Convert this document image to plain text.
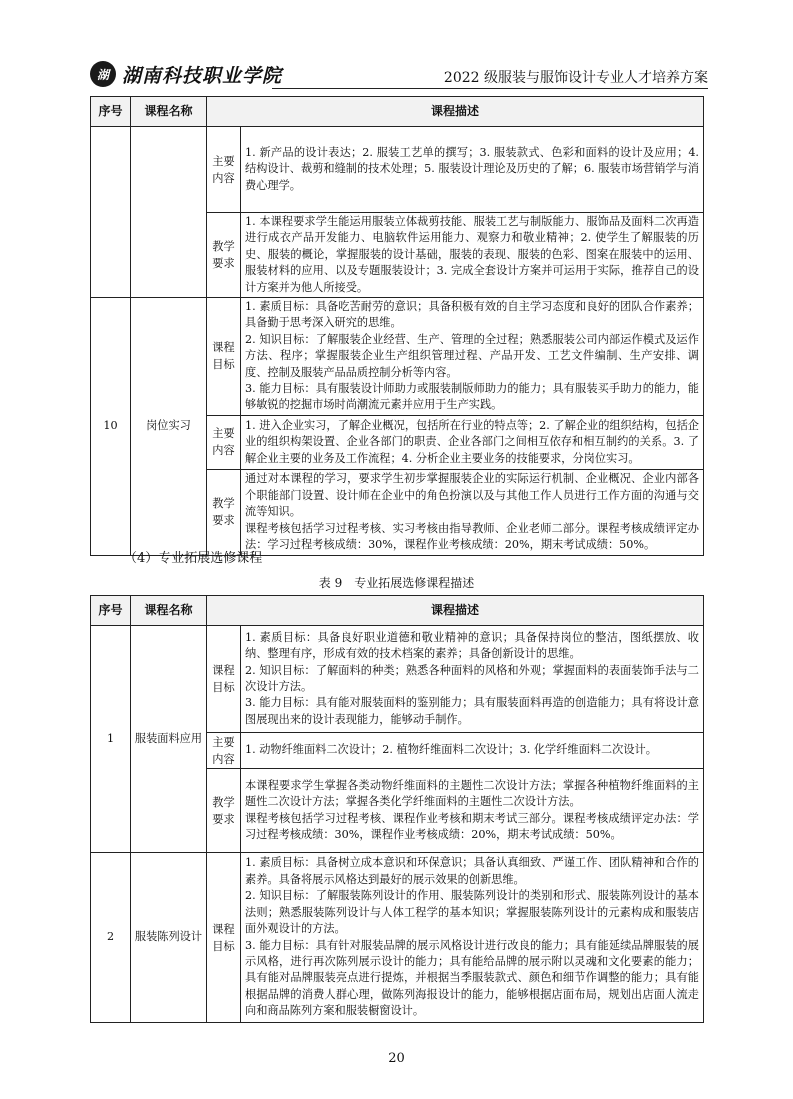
湖 湖南科技职业学院	2022 级服装与服饰设计专业人才培养方案
序号	课程名称	课程描述	
		主要内容	1. 新产品的设计表达；2. 服装工艺单的撰写；3. 服装款式、色彩和面料的设计及应用；4. 结构设计、裁剪和缝制的技术处理；5. 服装设计理论及历史的了解；6. 服装市场营销学与消费心理学。

		教学要求	1. 本课程要求学生能运用服装立体裁剪技能、服装工艺与制版能力、服饰品及面料二次再造进行成衣产品开发能力、电脑软件运用能力、观察力和敬业精神；2. 使学生了解服装的历史、服装的概论，掌握服装的设计基础，服装的表现、服装的色彩、图案在服装中的运用、服装材料的应用、以及专题服装设计；3. 完成全套设计方案并可运用于实际，推荐自己的设计方案并为他人所接受。

10	岗位实习	课程目标	1. 素质目标：具备吃苦耐劳的意识；具备积极有效的自主学习态度和良好的团队合作素养；具备勤于思考深入研究的思维。

2. 知识目标：了解服装企业经营、生产、管理的全过程；熟悉服装公司内部运作模式及运作方法、程序；掌握服装企业生产组织管理过程、产品开发、工艺文件编制、生产安排、调度、控制及服装产品品质控制分析等内容。

3. 能力目标：具有服装设计师助力或服装制版师助力的能力；具有服装买手助力的能力，能够敏锐的挖掘市场时尚潮流元素并应用于生产实践。

		主要内容	1. 进入企业实习，了解企业概况，包括所在行业的特点等；2. 了解企业的组织结构，包括企业的组织构架设置、企业各部门的职责、企业各部门之间相互依存和相互制约的关系。3. 了解企业主要的业务及工作流程；4. 分析企业主要业务的技能要求，分岗位实习。

		教学要求	通过对本课程的学习，要求学生初步掌握服装企业的实际运行机制、企业概况、企业内部各个职能部门设置、设计师在企业中的角色扮演以及与其他工作人员进行工作方面的沟通与交流等知识。

课程考核包括学习过程考核、实习考核由指导教师、企业老师二部分。课程考核成绩评定办法：学习过程考核成绩：30%，课程作业考核成绩：20%，期末考试成绩：50%。

（4）专业拓展选修课程
表 9　专业拓展选修课程描述
序号	课程名称	课程描述	
1	服装面料应用	课程目标	1. 素质目标：具备良好职业道德和敬业精神的意识；具备保持岗位的整洁，图纸摆放、收纳、整理有序，形成有效的技术档案的素养；具备创新设计的思维。

2. 知识目标：了解面料的种类；熟悉各种面料的风格和外观；掌握面料的表面装饰手法与二次设计方法。

3. 能力目标：具有能对服装面料的鉴别能力；具有服装面料再造的创造能力；具有将设计意图展现出来的设计表现能力，能够动手制作。

		主要内容	1. 动物纤维面料二次设计；2. 植物纤维面料二次设计；3. 化学纤维面料二次设计。

		教学要求	本课程要求学生掌握各类动物纤维面料的主题性二次设计方法；掌握各种植物纤维面料的主题性二次设计方法；掌握各类化学纤维面料的主题性二次设计方法。

课程考核包括学习过程考核、课程作业考核和期末考试三部分。课程考核成绩评定办法：学习过程考核成绩：30%，课程作业考核成绩：20%，期末考试成绩：50%。

2	服装陈列设计	课程目标	1. 素质目标：具备树立成本意识和环保意识；具备认真细致、严谨工作、团队精神和合作的素养。具备将展示风格达到最好的展示效果的创新思维。

2. 知识目标：了解服装陈列设计的作用、服装陈列设计的类别和形式、服装陈列设计的基本法则；熟悉服装陈列设计与人体工程学的基本知识；掌握服装陈列设计的元素构成和服装店面外观设计的方法。

3. 能力目标：具有针对服装品牌的展示风格设计进行改良的能力；具有能延续品牌服装的展示风格，进行再次陈列展示设计的能力；具有能给品牌的展示附以灵魂和文化要素的能力；具有能对品牌服装亮点进行提炼，并根据当季服装款式、颜色和细节作调整的能力；具有能根据品牌的消费人群心理，做陈列海报设计的能力，能够根据店面布局，规划出店面人流走向和商品陈列方案和服装橱窗设计。

20
